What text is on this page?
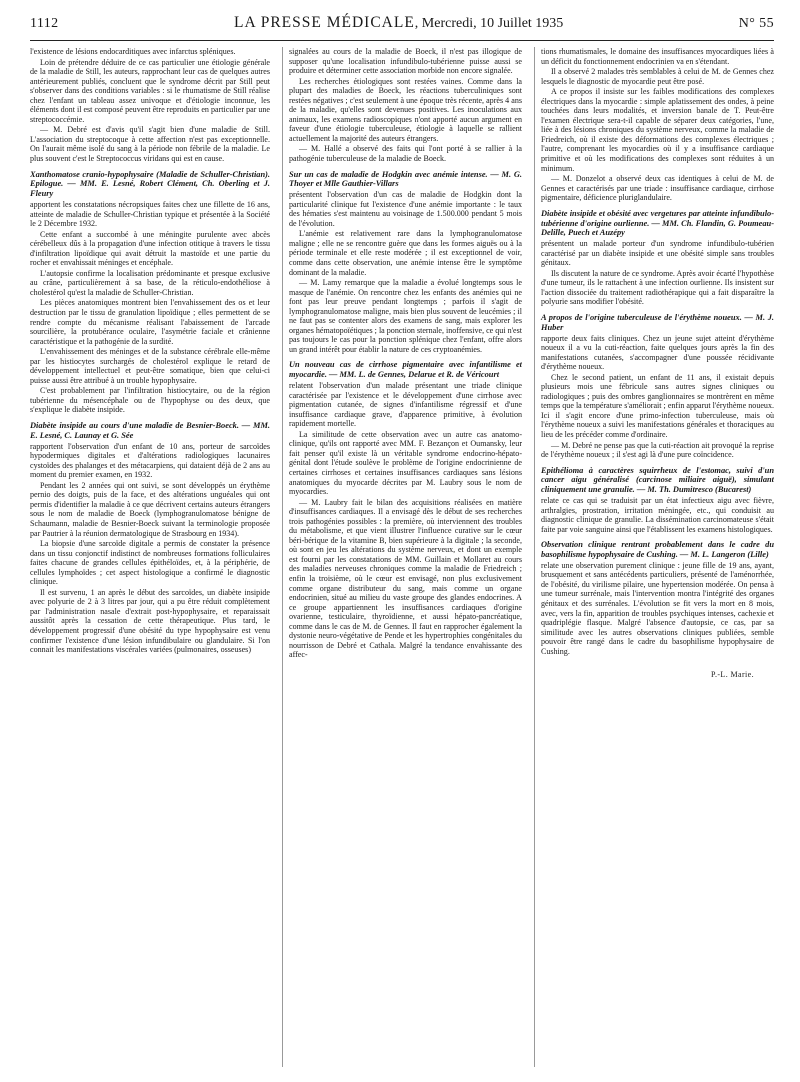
1112	LA PRESSE MÉDICALE, Mercredi, 10 Juillet 1935	N° 55

l'existence de lésions endocarditiques avec infarctus spléniques.

Loin de prétendre déduire de ce cas particulier une étiologie générale de la maladie de Still, les auteurs, rapprochant leur cas de quelques autres antérieurement publiés, concluent que le syndrome décrit par Still peut s'observer dans des conditions variables : si le rhumatisme de Still réalise chez l'enfant un tableau assez univoque et d'étiologie inconnue, les éléments dont il est composé peuvent être reproduits en particulier par une streptococcémie.

— M. Debré est d'avis qu'il s'agit bien d'une maladie de Still. L'association du streptocoque à cette affection n'est pas exceptionnelle. On l'aurait même isolé du sang à la période non fébrile de la maladie. Le plus souvent c'est le Streptococcus viridans qui est en cause.

Xanthomatose cranio-hypophysaire (Maladie de Schuller-Christian). Epilogue. — MM. E. Lesné, Robert Clément, Ch. Oberling et J. Fleury

apportent les constatations nécropsiques faites chez une fillette de 16 ans, atteinte de maladie de Schuller-Christian typique et présentée à la Société le 2 Décembre 1932.

Cette enfant a succombé à une méningite purulente avec abcès cérébelleux dûs à la propagation d'une infection otitique à travers le tissu d'infiltration lipoïdique qui avait détruit la mastoïde et une partie du rocher et envahissait méninges et encéphale.

L'autopsie confirme la localisation prédominante et presque exclusive au crâne, particulièrement à sa base, de la réticulo-endothéliose à cholestérol qu'est la maladie de Schuller-Christian.

Les pièces anatomiques montrent bien l'envahissement des os et leur destruction par le tissu de granulation lipoïdique ; elles permettent de se rendre compte du mécanisme réalisant l'abaissement de l'arcade sourcilière, la protubérance oculaire, l'asymétrie faciale et crânienne caractéristique et la pathogénie de la surdité.

L'envahissement des méninges et de la substance cérébrale elle-même par les histiocytes surchargés de cholestérol explique le retard de développement intellectuel et peut-être somatique, bien que celui-ci puisse aussi être attribué à un trouble hypophysaire.

C'est probablement par l'infiltration histiocytaire, ou de la région tubérienne du mésencéphale ou de l'hypophyse ou des deux, que s'explique le diabète insipide.

Diabète insipide au cours d'une maladie de Besnier-Boeck. — MM. E. Lesné, C. Launay et G. Sée

rapportent l'observation d'un enfant de 10 ans, porteur de sarcoïdes hypodermiques digitales et d'altérations radiologiques lacunaires cystoïdes des phalanges et des métacarpiens, qui dataient déjà de 2 ans au moment du premier examen, en 1932.

Pendant les 2 années qui ont suivi, se sont développés un érythème pernio des doigts, puis de la face, et des altérations unguéales qui ont permis d'identifier la maladie à ce que décrivent certains auteurs étrangers sous le nom de maladie de Boeck (lymphogranulomatose bénigne de Schaumann, maladie de Besnier-Boeck suivant la terminologie proposée par Pautrier à la réunion dermatologique de Strasbourg en 1934).

La biopsie d'une sarcoïde digitale a permis de constater la présence dans un tissu conjonctif indistinct de nombreuses formations folliculaires faites chacune de grandes cellules épithéloïdes, et, à la périphérie, de cellules lymphoïdes ; cet aspect histologique a confirmé le diagnostic clinique.

Il est survenu, 1 an après le début des sarcoïdes, un diabète insipide avec polyurie de 2 à 3 litres par jour, qui a pu être réduit complètement par l'administration nasale d'extrait post-hypophysaire, et reparaissait aussitôt après la cessation de cette thérapeutique. Plus tard, le développement progressif d'une obésité du type hypophysaire est venu confirmer l'existence d'une lésion infundibulaire ou glandulaire. Si l'on connait les manifestations viscérales variées (pulmonaires, osseuses)

signalées au cours de la maladie de Boeck, il n'est pas illogique de supposer qu'une localisation infundibulo-tubérienne puisse aussi se produire et déterminer cette association morbide non encore signalée.

Les recherches étiologiques sont restées vaines. Comme dans la plupart des maladies de Boeck, les réactions tuberculiniques sont restées négatives ; c'est seulement à une époque très récente, après 4 ans de la maladie, qu'elles sont devenues positives. Les inoculations aux animaux, les examens radioscopiques n'ont apporté aucun argument en faveur d'une étiologie tuberculeuse, étiologie à laquelle se rallient actuellement la majorité des auteurs étrangers.

— M. Hallé a observé des faits qui l'ont porté à se rallier à la pathogénie tuberculeuse de la maladie de Boeck.

Sur un cas de maladie de Hodgkin avec anémie intense. — M. G. Thoyer et Mlle Gauthier-Villars

présentent l'observation d'un cas de maladie de Hodgkin dont la particularité clinique fut l'existence d'une anémie importante : le taux des hématies s'est maintenu au voisinage de 1.500.000 pendant 5 mois de l'évolution.

L'anémie est relativement rare dans la lymphogranulomatose maligne ; elle ne se rencontre guère que dans les formes aiguës ou à la période terminale et elle reste modérée ; il est exceptionnel de voir, comme dans cette observation, une anémie intense être le symptôme dominant de la maladie.

— M. Lamy remarque que la maladie a évolué longtemps sous le masque de l'anémie. On rencontre chez les enfants des anémies qui ne font pas leur preuve pendant longtemps ; parfois il s'agit de lymphogranulomatose maligne, mais bien plus souvent de leucémies ; il ne faut pas se contenter alors des examens de sang, mais explorer les organes hématopoïétiques ; la ponction sternale, inoffensive, ce qui n'est pas toujours le cas pour la ponction splénique chez l'enfant, offre alors un grand intérêt pour établir la nature de ces cryptoanémies.

Un nouveau cas de cirrhose pigmentaire avec infantilisme et myocardie. — MM. L. de Gennes, Delarue et R. de Véricourt

relatent l'observation d'un malade présentant une triade clinique caractérisée par l'existence et le développement d'une cirrhose avec pigmentation cutanée, de signes d'infantilisme régressif et d'une insuffisance cardiaque grave, d'apparence primitive, à évolution rapidement mortelle.

La similitude de cette observation avec un autre cas anatomo-clinique, qu'ils ont rapporté avec MM. F. Bezançon et Oumansky, leur fait penser qu'il existe là un véritable syndrome endocrino-hépato-génital dont l'étude soulève le problème de l'origine endocrinienne de certaines cirrhoses et certaines insuffisances cardiaques sans lésions anatomiques du myocarde décrites par M. Laubry sous le nom de myocardies.

— M. Laubry fait le bilan des acquisitions réalisées en matière d'insuffisances cardiaques. Il a envisagé dès le début de ses recherches trois pathogénies possibles : la première, où interviennent des troubles du métabolisme, et que vient illustrer l'influence curative sur le cœur béri-bérique de la vitamine B, bien supérieure à la digitale ; la seconde, où sont en jeu les altérations du système nerveux, et dont un exemple est fourni par les constatations de MM. Guillain et Mollaret au cours des maladies nerveuses chroniques comme la maladie de Friedreich ; enfin la troisième, où le cœur est envisagé, non plus exclusivement comme organe distributeur du sang, mais comme un organe endocrinien, situé au milieu du vaste groupe des glandes endocrines. A ce groupe appartiennent les insuffisances cardiaques d'origine ovarienne, testiculaire, thyroïdienne, et aussi hépato-pancréatique, comme dans le cas de M. de Gennes. Il faut en rapprocher également la dystonie neuro-végétative de Pende et les hypertrophies congénitales du nourrisson de Debré et Cathala. Malgré la tendance envahissante des affec-

tions rhumatismales, le domaine des insuffisances myocardiques liées à un déficit du fonctionnement endocrinien va en s'étendant.

Il a observé 2 malades très semblables à celui de M. de Gennes chez lesquels le diagnostic de myocardie peut être posé.

A ce propos il insiste sur les faibles modifications des complexes électriques dans la myocardie : simple aplatissement des ondes, à peine touchées dans leurs modalités, et inversion banale de T. Peut-être l'examen électrique sera-t-il capable de séparer deux catégories, l'une, liée à des lésions chroniques du système nerveux, comme la maladie de Friedreich, où il existe des déformations des complexes électriques ; l'autre, comprenant les myocardies où il y a insuffisance cardiaque primitive et où les modifications des complexes sont réduites à un minimum.

— M. Donzelot a observé deux cas identiques à celui de M. de Gennes et caractérisés par une triade : insuffisance cardiaque, cirrhose pigmentaire, déficience pluriglandulaire.

Diabète insipide et obésité avec vergetures par atteinte infundibulo-tubérienne d'origine ourlienne. — MM. Ch. Flandin, G. Poumeau-Delille, Puech et Auzépy

présentent un malade porteur d'un syndrome infundibulo-tubérien caractérisé par un diabète insipide et une obésité simple sans troubles génitaux.

Ils discutent la nature de ce syndrome. Après avoir écarté l'hypothèse d'une tumeur, ils le rattachent à une infection ourlienne. Ils insistent sur l'action dissociée du traitement radiothérapique qui a fait disparaître la polyurie sans modifier l'obésité.

A propos de l'origine tuberculeuse de l'érythème noueux. — M. J. Huber

rapporte deux faits cliniques. Chez un jeune sujet atteint d'érythème noueux il a vu la cuti-réaction, faite quelques jours après la fin des manifestations cutanées, s'accompagner d'une poussée récidivante d'érythème noueux.

Chez le second patient, un enfant de 11 ans, il existait depuis plusieurs mois une fébricule sans autres signes cliniques ou radiologiques ; puis des ombres ganglionnaires se montrèrent en même temps que la température s'améliorait ; enfin apparut l'érythème noueux. Ici il s'agit encore d'une primo-infection tuberculeuse, mais où l'érythème noueux a suivi les manifestations générales et thoraciques au lieu de les précéder comme d'ordinaire.

— M. Debré ne pense pas que la cuti-réaction ait provoqué la reprise de l'érythème noueux ; il s'est agi là d'une pure coïncidence.

Epithélioma à caractères squirrheux de l'estomac, suivi d'un cancer aigu généralisé (carcinose miliaire aiguë), simulant cliniquement une granulie. — M. Th. Dumitresco (Bucarest)

relate ce cas qui se traduisit par un état infectieux aigu avec fièvre, arthralgies, prostration, irritation méningée, etc., qui conduisit au diagnostic clinique de granulie. La dissémination carcinomateuse s'était faite par voie sanguine ainsi que l'établissent les examens histologiques.

Observation clinique rentrant probablement dans le cadre du basophilisme hypophysaire de Cushing. — M. L. Langeron (Lille)

relate une observation purement clinique : jeune fille de 19 ans, ayant, brusquement et sans antécédents particuliers, présenté de l'aménorrhée, de l'obésité, du virilisme pilaire, une hypertension modérée. On pensa à une tumeur surrénale, mais l'intervention montra l'intégrité des organes génitaux et des surrénales. L'évolution se fit vers la mort en 8 mois, avec, vers la fin, apparition de troubles psychiques intenses, cachexie et quadriplégie flasque. Malgré l'absence d'autopsie, ce cas, par sa similitude avec les autres observations cliniques publiées, semble pouvoir être rangé dans le cadre du basophilisme hypophysaire de Cushing.

P.-L. Marie.
